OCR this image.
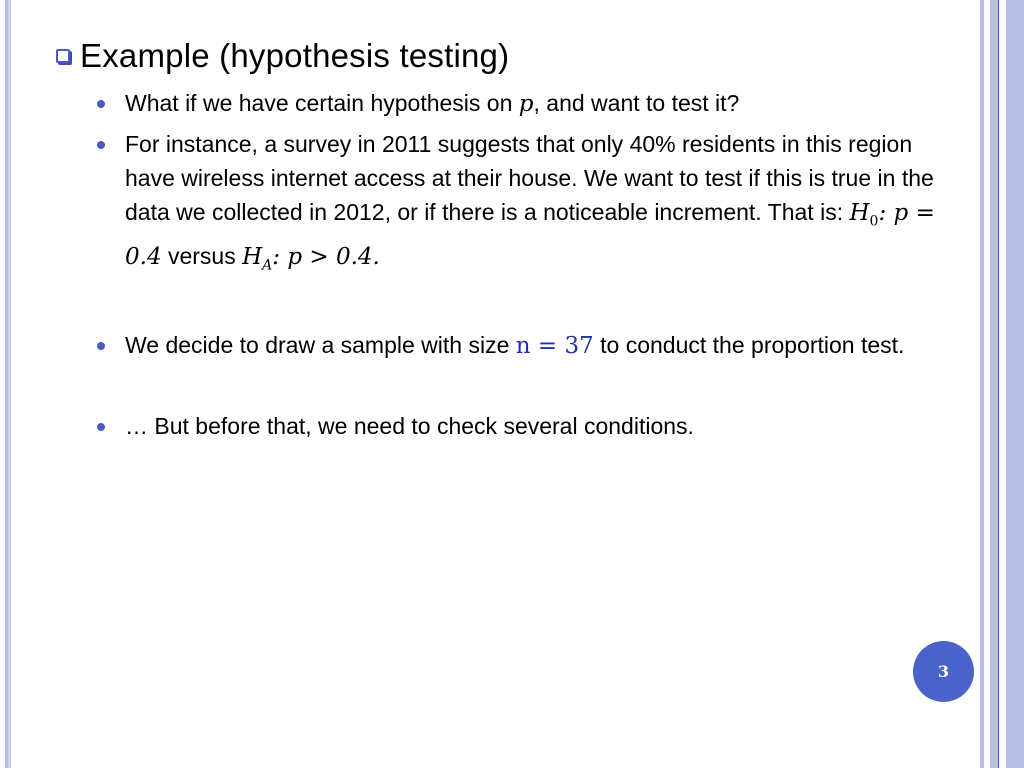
Example (hypothesis testing)
What if we have certain hypothesis on p, and want to test it?
For instance, a survey in 2011 suggests that only 40% residents in this region have wireless internet access at their house. We want to test if this is true in the data we collected in 2012, or if there is a noticeable increment. That is: $H_0$: p = 0.4 versus $H_A$: p > 0.4.
We decide to draw a sample with size n = 37 to conduct the proportion test.
… But before that, we need to check several conditions.
3
